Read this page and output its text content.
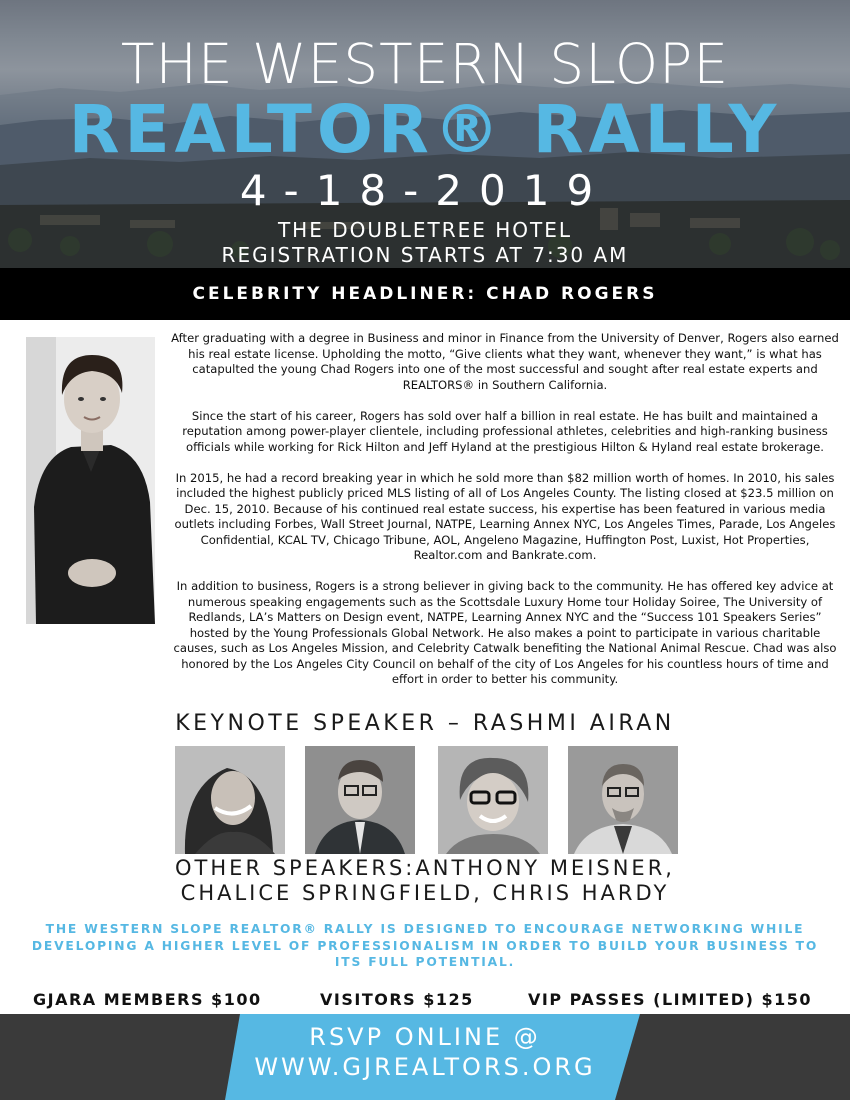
THE WESTERN SLOPE
REALTOR® RALLY
4-18-2019
THE DOUBLETREE HOTEL
REGISTRATION STARTS AT 7:30 AM
CELEBRITY HEADLINER: CHAD ROGERS

After graduating with a degree in Business and minor in Finance from the University of Denver, Rogers also earned his real estate license. Upholding the motto, “Give clients what they want, whenever they want,” is what has catapulted the young Chad Rogers into one of the most successful and sought after real estate experts and REALTORS® in Southern California.

Since the start of his career, Rogers has sold over half a billion in real estate. He has built and maintained a reputation among power-player clientele, including professional athletes, celebrities and high-ranking business officials while working for Rick Hilton and Jeff Hyland at the prestigious Hilton & Hyland real estate brokerage.

In 2015, he had a record breaking year in which he sold more than $82 million worth of homes. In 2010, his sales included the highest publicly priced MLS listing of all of Los Angeles County. The listing closed at $23.5 million on Dec. 15, 2010. Because of his continued real estate success, his expertise has been featured in various media outlets including Forbes, Wall Street Journal, NATPE, Learning Annex NYC, Los Angeles Times, Parade, Los Angeles Confidential, KCAL TV, Chicago Tribune, AOL, Angeleno Magazine, Huffington Post, Luxist, Hot Properties, Realtor.com and Bankrate.com.

In addition to business, Rogers is a strong believer in giving back to the community. He has offered key advice at numerous speaking engagements such as the Scottsdale Luxury Home tour Holiday Soiree, The University of Redlands, LA’s Matters on Design event, NATPE, Learning Annex NYC and the “Success 101 Speakers Series” hosted by the Young Professionals Global Network. He also makes a point to participate in various charitable causes, such as Los Angeles Mission, and Celebrity Catwalk benefiting the National Animal Rescue. Chad was also honored by the Los Angeles City Council on behalf of the city of Los Angeles for his countless hours of time and effort in order to better his community.

KEYNOTE SPEAKER – RASHMI AIRAN
OTHER SPEAKERS:ANTHONY MEISNER,
CHALICE SPRINGFIELD, CHRIS HARDY
THE WESTERN SLOPE REALTOR® RALLY IS DESIGNED TO ENCOURAGE NETWORKING WHILE DEVELOPING A HIGHER LEVEL OF PROFESSIONALISM IN ORDER TO BUILD YOUR BUSINESS TO ITS FULL POTENTIAL.
GJARA MEMBERS $100	VISITORS $125	VIP PASSES (LIMITED) $150
RSVP ONLINE @
WWW.GJREALTORS.ORG
